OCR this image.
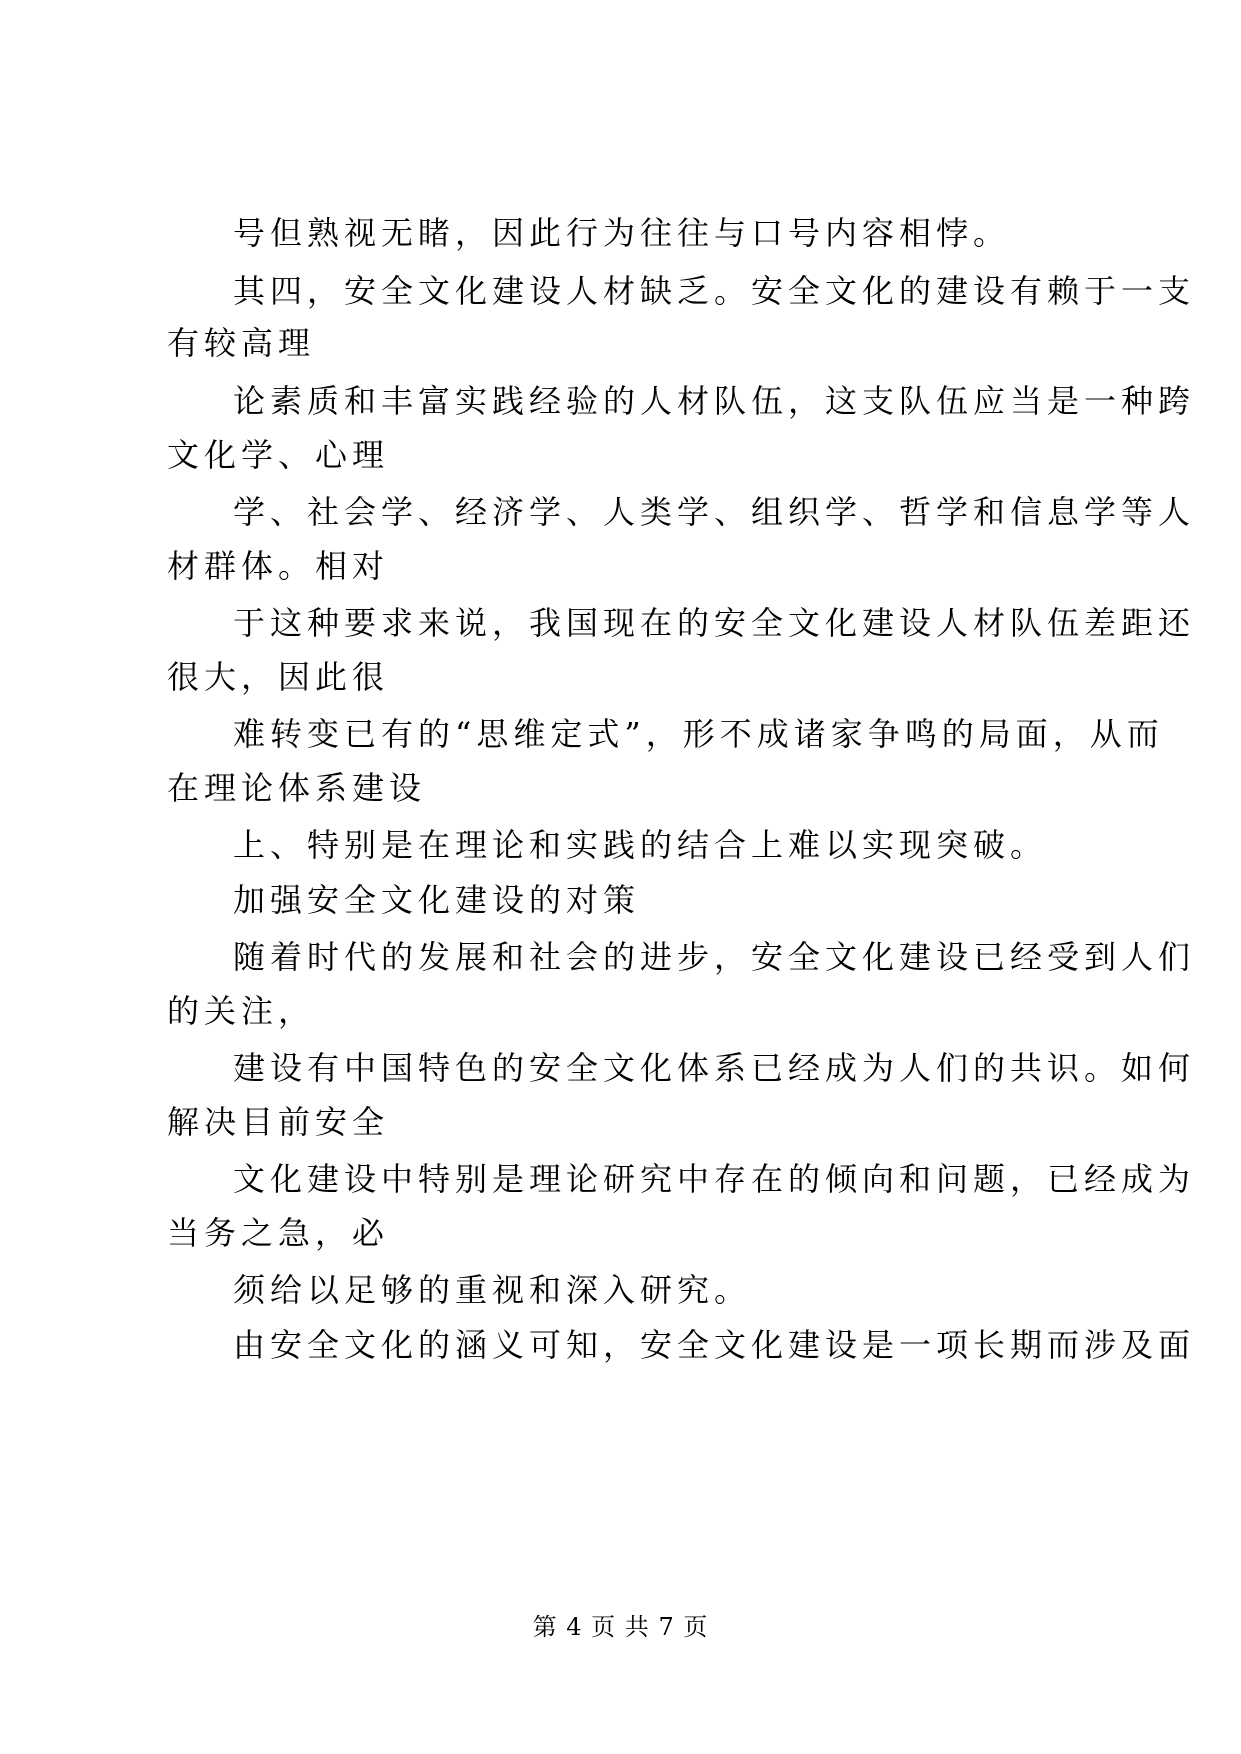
号但熟视无睹，因此行为往往与口号内容相悖。
其四，安全文化建设人材缺乏。安全文化的建设有赖于一支
有较高理
论素质和丰富实践经验的人材队伍，这支队伍应当是一种跨
文化学、心理
学、社会学、经济学、人类学、组织学、哲学和信息学等人
材群体。相对
于这种要求来说，我国现在的安全文化建设人材队伍差距还
很大，因此很
难转变已有的“思维定式”，形不成诸家争鸣的局面，从而
在理论体系建设
上、特别是在理论和实践的结合上难以实现突破。
加强安全文化建设的对策
随着时代的发展和社会的进步，安全文化建设已经受到人们
的关注，
建设有中国特色的安全文化体系已经成为人们的共识。如何
解决目前安全
文化建设中特别是理论研究中存在的倾向和问题，已经成为
当务之急，必
须给以足够的重视和深入研究。
由安全文化的涵义可知，安全文化建设是一项长期而涉及面
第 4 页 共 7 页
